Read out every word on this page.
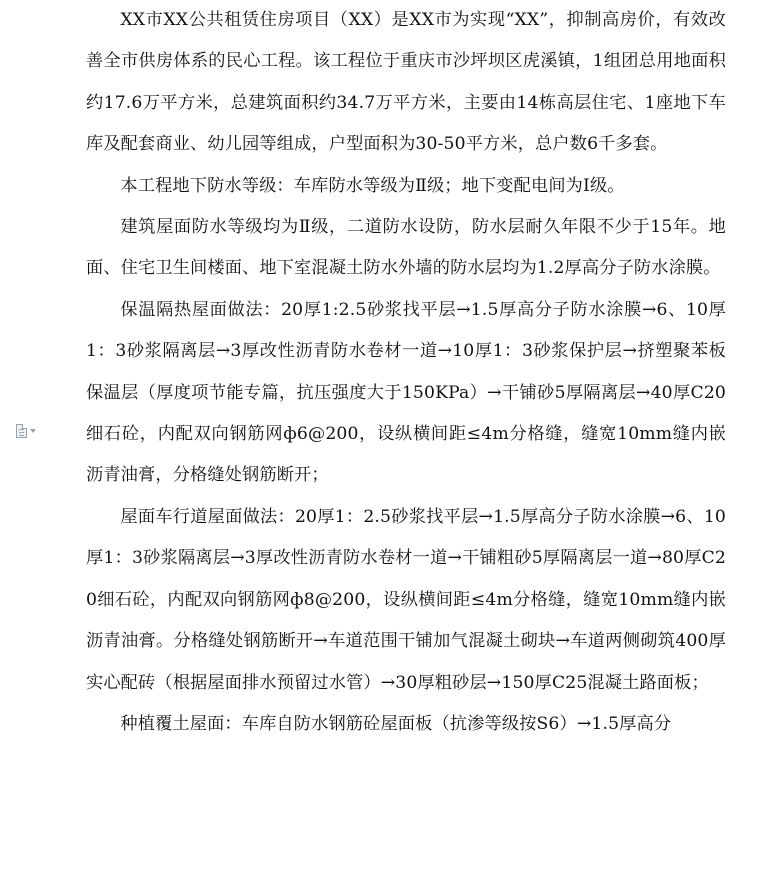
XX市XX公共租赁住房项目（XX）是XX市为实现“XX”，抑制高房价，有效改善全市供房体系的民心工程。该工程位于重庆市沙坪坝区虎溪镇，1组团总用地面积约17.6万平方米，总建筑面积约34.7万平方米，主要由14栋高层住宅、1座地下车库及配套商业、幼儿园等组成，户型面积为30-50平方米，总户数6千多套。

本工程地下防水等级：车库防水等级为Ⅱ级；地下变配电间为Ⅰ级。

建筑屋面防水等级均为Ⅱ级，二道防水设防，防水层耐久年限不少于15年。地面、住宅卫生间楼面、地下室混凝土防水外墙的防水层均为1.2厚高分子防水涂膜。

保温隔热屋面做法：20厚1:2.5砂浆找平层→1.5厚高分子防水涂膜→6、10厚1：3砂浆隔离层→3厚改性沥青防水卷材一道→10厚1：3砂浆保护层→挤塑聚苯板保温层（厚度项节能专篇，抗压强度大于150KPa）→干铺砂5厚隔离层→40厚C20细石砼，内配双向钢筋网ф6@200，设纵横间距≤4m分格缝，缝宽10mm缝内嵌沥青油膏，分格缝处钢筋断开；

屋面车行道屋面做法：20厚1：2.5砂浆找平层→1.5厚高分子防水涂膜→6、10厚1：3砂浆隔离层→3厚改性沥青防水卷材一道→干铺粗砂5厚隔离层一道→80厚C20细石砼，内配双向钢筋网ф8@200，设纵横间距≤4m分格缝，缝宽10mm缝内嵌沥青油膏。分格缝处钢筋断开→车道范围干铺加气混凝土砌块→车道两侧砌筑400厚实心配砖（根据屋面排水预留过水管）→30厚粗砂层→150厚C25混凝土路面板；

种植覆土屋面：车库自防水钢筋砼屋面板（抗渗等级按S6）→1.5厚高分
